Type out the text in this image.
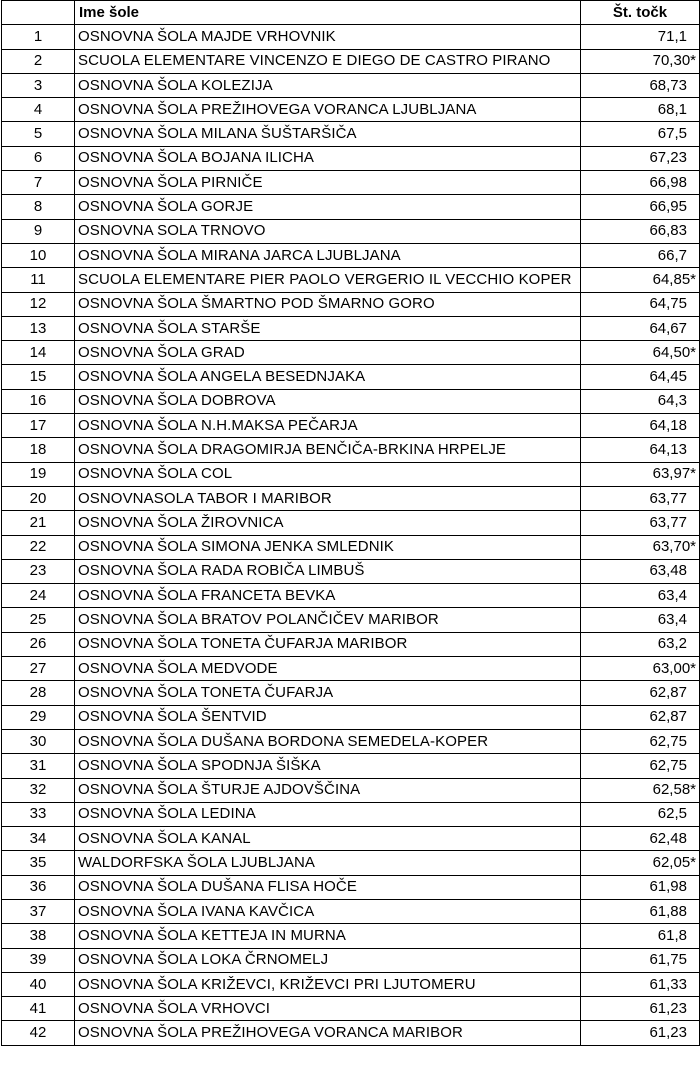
	Ime šole	Št. točk
1	OSNOVNA ŠOLA MAJDE VRHOVNIK	71,1
2	SCUOLA ELEMENTARE VINCENZO E DIEGO DE CASTRO PIRANO	70,30*
3	OSNOVNA ŠOLA KOLEZIJA	68,73
4	OSNOVNA ŠOLA PREŽIHOVEGA VORANCA LJUBLJANA	68,1
5	OSNOVNA ŠOLA MILANA ŠUŠTARŠIČA	67,5
6	OSNOVNA ŠOLA BOJANA ILICHA	67,23
7	OSNOVNA ŠOLA PIRNIČE	66,98
8	OSNOVNA ŠOLA GORJE	66,95
9	OSNOVNA SOLA TRNOVO	66,83
10	OSNOVNA ŠOLA MIRANA JARCA LJUBLJANA	66,7
11	SCUOLA ELEMENTARE PIER PAOLO VERGERIO IL VECCHIO KOPER	64,85*
12	OSNOVNA ŠOLA ŠMARTNO POD ŠMARNO GORO	64,75
13	OSNOVNA ŠOLA STARŠE	64,67
14	OSNOVNA ŠOLA GRAD	64,50*
15	OSNOVNA ŠOLA ANGELA BESEDNJAKA	64,45
16	OSNOVNA ŠOLA DOBROVA	64,3
17	OSNOVNA ŠOLA N.H.MAKSA PEČARJA	64,18
18	OSNOVNA ŠOLA DRAGOMIRJA BENČIČA-BRKINA HRPELJE	64,13
19	OSNOVNA ŠOLA COL	63,97*
20	OSNOVNASOLA TABOR I MARIBOR	63,77
21	OSNOVNA ŠOLA ŽIROVNICA	63,77
22	OSNOVNA ŠOLA SIMONA JENKA SMLEDNIK	63,70*
23	OSNOVNA ŠOLA RADA ROBIČA LIMBUŠ	63,48
24	OSNOVNA ŠOLA FRANCETA BEVKA	63,4
25	OSNOVNA ŠOLA BRATOV POLANČIČEV MARIBOR	63,4
26	OSNOVNA ŠOLA TONETA ČUFARJA MARIBOR	63,2
27	OSNOVNA ŠOLA MEDVODE	63,00*
28	OSNOVNA ŠOLA TONETA ČUFARJA	62,87
29	OSNOVNA ŠOLA ŠENTVID	62,87
30	OSNOVNA ŠOLA DUŠANA BORDONA SEMEDELA-KOPER	62,75
31	OSNOVNA ŠOLA SPODNJA ŠIŠKA	62,75
32	OSNOVNA ŠOLA ŠTURJE AJDOVŠČINA	62,58*
33	OSNOVNA ŠOLA LEDINA	62,5
34	OSNOVNA ŠOLA KANAL	62,48
35	WALDORFSKA ŠOLA LJUBLJANA	62,05*
36	OSNOVNA ŠOLA DUŠANA FLISA HOČE	61,98
37	OSNOVNA ŠOLA IVANA KAVČICA	61,88
38	OSNOVNA ŠOLA KETTEJA IN MURNA	61,8
39	OSNOVNA ŠOLA LOKA ČRNOMELJ	61,75
40	OSNOVNA ŠOLA KRIŽEVCI, KRIŽEVCI PRI LJUTOMERU	61,33
41	OSNOVNA ŠOLA VRHOVCI	61,23
42	OSNOVNA ŠOLA PREŽIHOVEGA VORANCA MARIBOR	61,23
